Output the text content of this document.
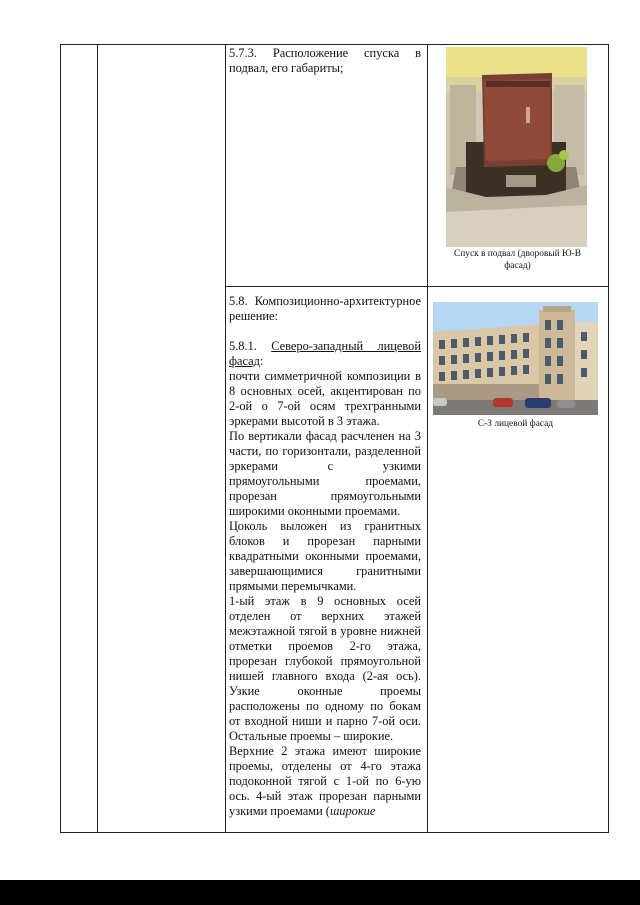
5.7.3. Расположение спуска в подвал, его габариты;

Спуск в подвал (дворовый Ю-В фасад)

5.8. Композиционно-архитектурное решение:

5.8.1. Северо-западный лицевой фасад:

почти симметричной композиции в 8 основных осей, акцентирован по 2-ой о 7-ой осям трехгранными эркерами высотой в 3 этажа.

По вертикали фасад расчленен на 3 части, по горизонтали, разделенной эркерами с узкими прямоугольными проемами, прорезан прямоугольными широкими оконными проемами.

Цоколь выложен из гранитных блоков и прорезан парными квадратными оконными проемами, завершающимися гранитными прямыми перемычками.

1-ый этаж в 9 основных осей отделен от верхних этажей межэтажной тягой в уровне нижней отметки проемов 2-го этажа, прорезан глубокой прямоугольной нишей главного входа (2-ая ось). Узкие оконные проемы расположены по одному по бокам от входной ниши и парно 7-ой оси. Остальные проемы – широкие.

Верхние 2 этажа имеют широкие проемы, отделены от 4-го этажа подоконной тягой с 1-ой по 6-ую ось. 4-ый этаж прорезан парными узкими проемами (широкие

С-З лицевой фасад
